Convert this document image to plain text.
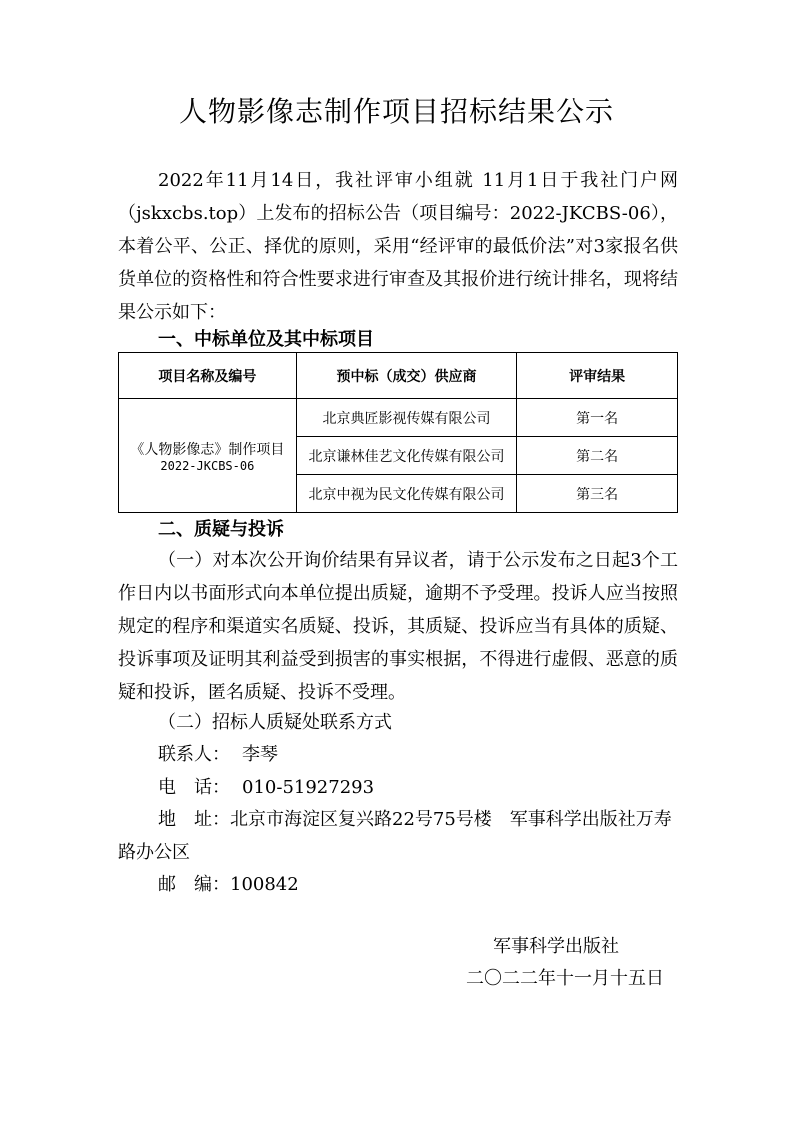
人物影像志制作项目招标结果公示

2022年11月14日，我社评审小组就 11月1日于我社门户网（jskxcbs.top）上发布的招标公告（项目编号：2022-JKCBS-06），本着公平、公正、择优的原则，采用“经评审的最低价法”对3家报名供货单位的资格性和符合性要求进行审查及其报价进行统计排名，现将结果公示如下：

一、中标单位及其中标项目
项目名称及编号	预中标（成交）供应商	评审结果

《人物影像志》制作项目
2022-JKCBS-06	北京典匠影视传媒有限公司	第一名
	北京谦林佳艺文化传媒有限公司	第二名
	北京中视为民文化传媒有限公司	第三名
二、质疑与投诉

（一）对本次公开询价结果有异议者，请于公示发布之日起3个工作日内以书面形式向本单位提出质疑，逾期不予受理。投诉人应当按照规定的程序和渠道实名质疑、投诉，其质疑、投诉应当有具体的质疑、投诉事项及证明其利益受到损害的事实根据，不得进行虚假、恶意的质疑和投诉，匿名质疑、投诉不受理。

（二）招标人质疑处联系方式

联系人： 李琴
电　话： 010-51927293
地　址：北京市海淀区复兴路22号75号楼　军事科学出版社万寿路办公区
邮　编：100842
军事科学出版社
二〇二二年十一月十五日
